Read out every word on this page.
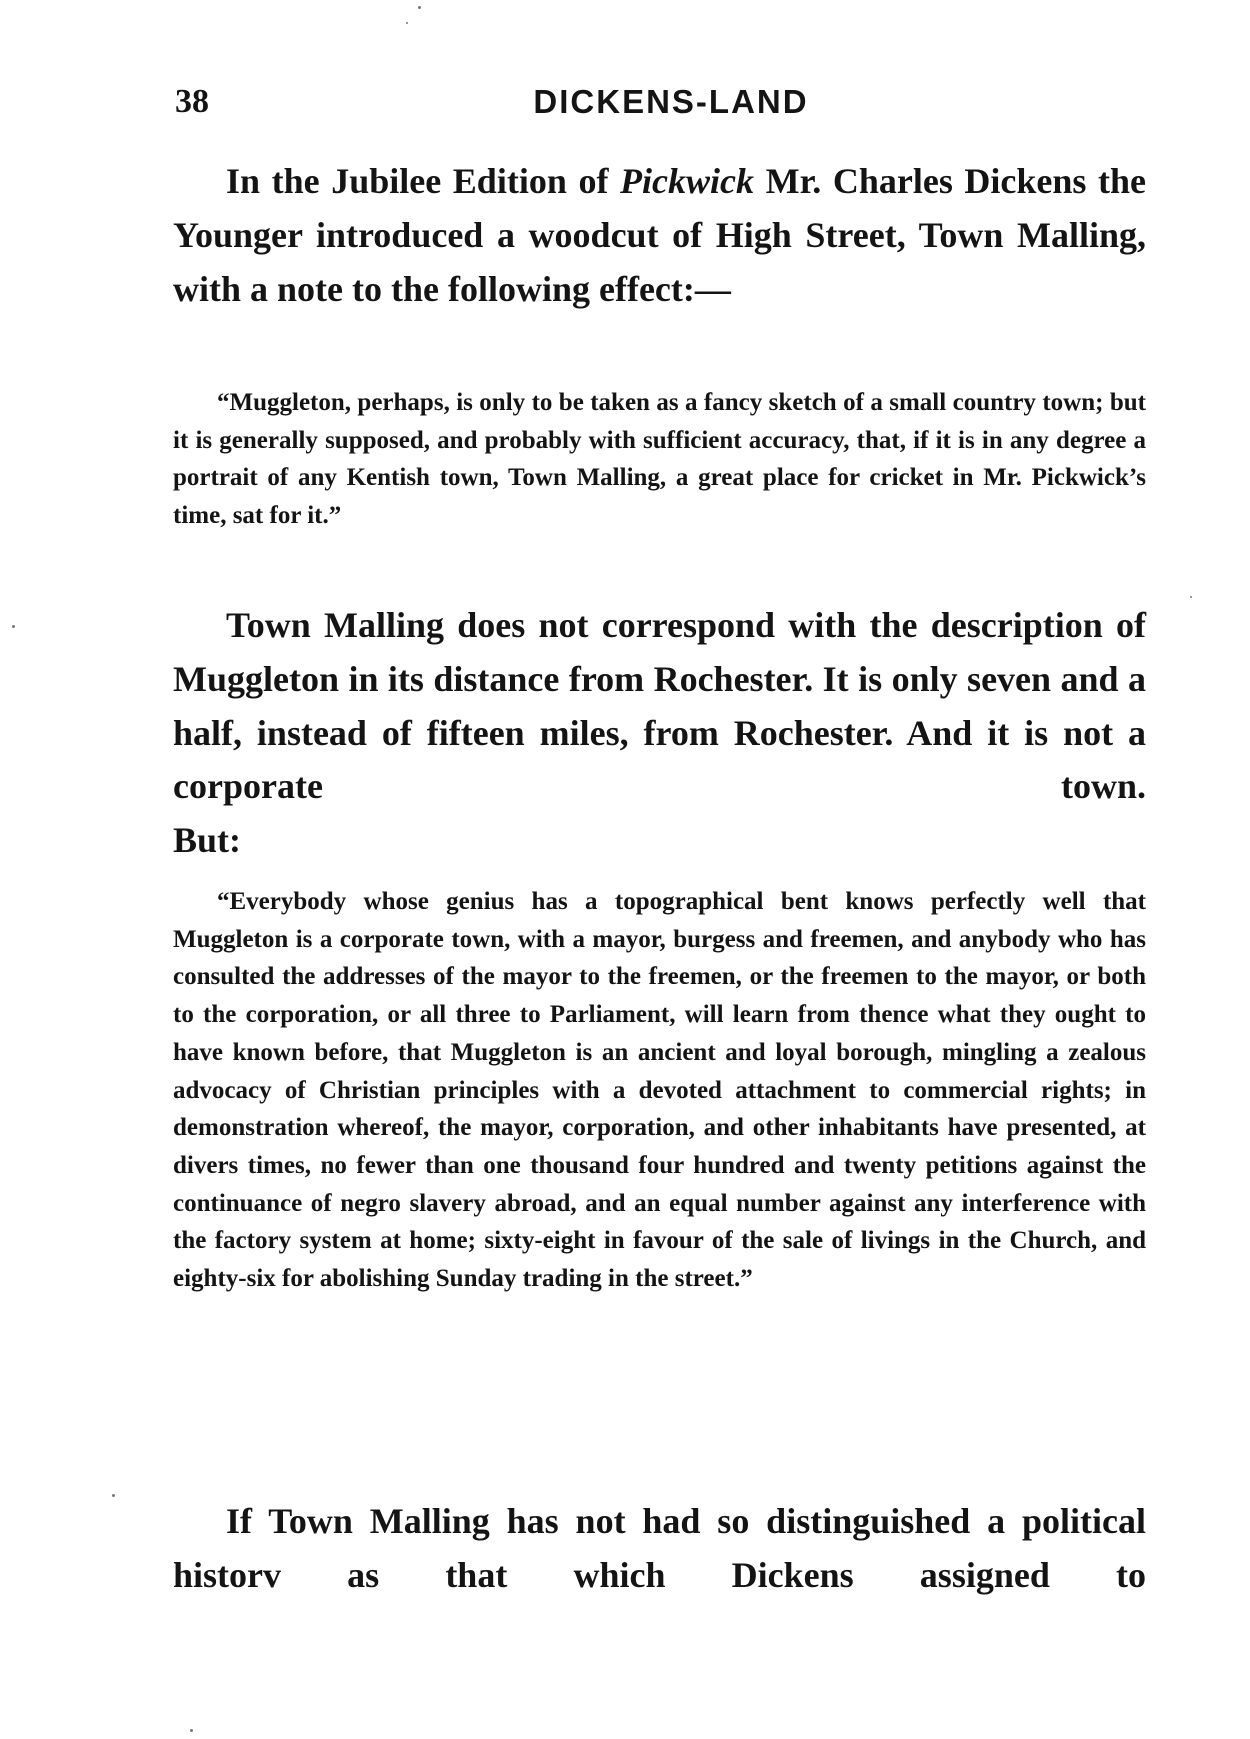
38	DICKENS-LAND

In the Jubilee Edition of Pickwick Mr. Charles Dickens the Younger introduced a woodcut of High Street, Town Malling, with a note to the following effect:—

“Muggleton, perhaps, is only to be taken as a fancy sketch of a small country town; but it is generally supposed, and probably with sufficient accuracy, that, if it is in any degree a portrait of any Kentish town, Town Malling, a great place for cricket in Mr. Pickwick’s time, sat for it.”

Town Malling does not correspond with the description of Muggleton in its distance from Rochester. It is only seven and a half, instead of fifteen miles, from Rochester. And it is not a corporate town.

But:

“Everybody whose genius has a topographical bent knows perfectly well that Muggleton is a corporate town, with a mayor, burgess and freemen, and anybody who has consulted the addresses of the mayor to the freemen, or the freemen to the mayor, or both to the corporation, or all three to Parliament, will learn from thence what they ought to have known before, that Muggleton is an ancient and loyal borough, mingling a zealous advocacy of Christian principles with a devoted attachment to commercial rights; in demonstration whereof, the mayor, corporation, and other inhabitants have presented, at divers times, no fewer than one thousand four hundred and twenty petitions against the continuance of negro slavery abroad, and an equal number against any interference with the factory system at home; sixty-eight in favour of the sale of livings in the Church, and eighty-six for abolishing Sunday trading in the street.”

If Town Malling has not had so distinguished a political historv as that which Dickens assigned to
